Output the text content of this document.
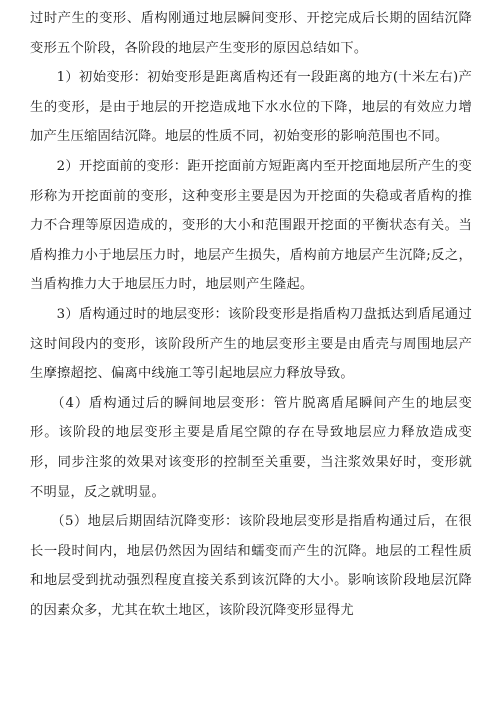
过时产生的变形、盾构刚通过地层瞬间变形、开挖完成后长期的固结沉降变形五个阶段，各阶段的地层产生变形的原因总结如下。

1）初始变形：初始变形是距离盾构还有一段距离的地方(十米左右)产生的变形，是由于地层的开挖造成地下水水位的下降，地层的有效应力增加产生压缩固结沉降。地层的性质不同，初始变形的影响范围也不同。

2）开挖面前的变形：距开挖面前方短距离内至开挖面地层所产生的变形称为开挖面前的变形，这种变形主要是因为开挖面的失稳或者盾构的推力不合理等原因造成的，变形的大小和范围跟开挖面的平衡状态有关。当盾构推力小于地层压力时，地层产生损失，盾构前方地层产生沉降;反之，当盾构推力大于地层压力时，地层则产生隆起。

3）盾构通过时的地层变形：该阶段变形是指盾构刀盘抵达到盾尾通过这时间段内的变形，该阶段所产生的地层变形主要是由盾壳与周围地层产生摩擦超挖、偏离中线施工等引起地层应力释放导致。

（4）盾构通过后的瞬间地层变形：管片脱离盾尾瞬间产生的地层变形。该阶段的地层变形主要是盾尾空隙的存在导致地层应力释放造成变形，同步注浆的效果对该变形的控制至关重要，当注浆效果好时，变形就不明显，反之就明显。

（5）地层后期固结沉降变形：该阶段地层变形是指盾构通过后，在很长一段时间内，地层仍然因为固结和蠕变而产生的沉降。地层的工程性质和地层受到扰动强烈程度直接关系到该沉降的大小。影响该阶段地层沉降的因素众多，尤其在软土地区，该阶段沉降变形显得尤
